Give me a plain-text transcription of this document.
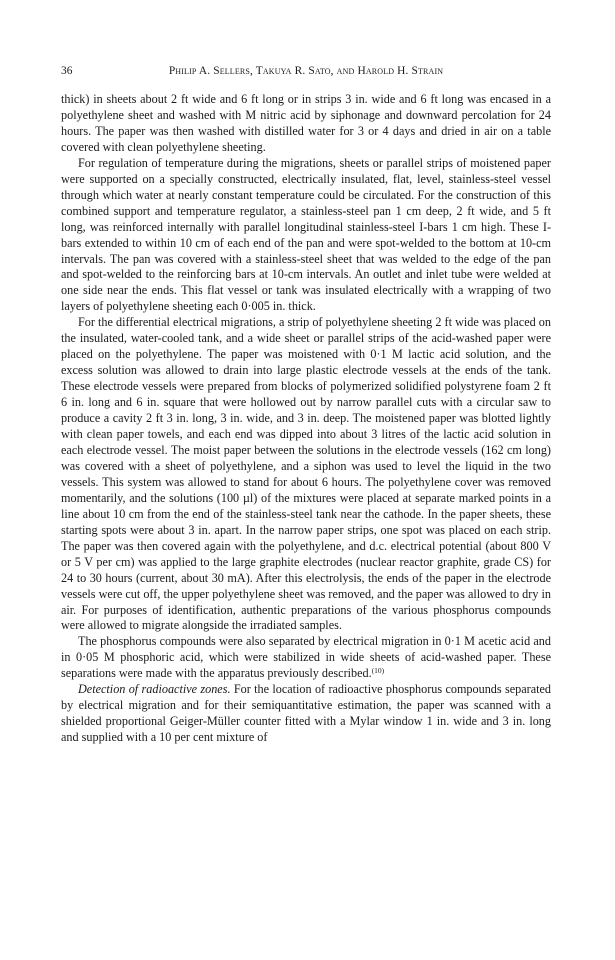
36	Philip A. Sellers, Takuya R. Sato, and Harold H. Strain

thick) in sheets about 2 ft wide and 6 ft long or in strips 3 in. wide and 6 ft long was encased in a polyethylene sheet and washed with M nitric acid by siphonage and downward percolation for 24 hours. The paper was then washed with distilled water for 3 or 4 days and dried in air on a table covered with clean polyethylene sheeting.

For regulation of temperature during the migrations, sheets or parallel strips of moistened paper were supported on a specially constructed, electrically insulated, flat, level, stainless-steel vessel through which water at nearly constant temperature could be circulated. For the construction of this combined support and temperature regulator, a stainless-steel pan 1 cm deep, 2 ft wide, and 5 ft long, was reinforced internally with parallel longitudinal stainless-steel I-bars 1 cm high. These I-bars extended to within 10 cm of each end of the pan and were spot-welded to the bottom at 10-cm intervals. The pan was covered with a stainless-steel sheet that was welded to the edge of the pan and spot-welded to the reinforcing bars at 10-cm intervals. An outlet and inlet tube were welded at one side near the ends. This flat vessel or tank was insulated electrically with a wrapping of two layers of polyethylene sheeting each 0·005 in. thick.

For the differential electrical migrations, a strip of polyethylene sheeting 2 ft wide was placed on the insulated, water-cooled tank, and a wide sheet or parallel strips of the acid-washed paper were placed on the polyethylene. The paper was moistened with 0·1 M lactic acid solution, and the excess solution was allowed to drain into large plastic electrode vessels at the ends of the tank. These electrode vessels were prepared from blocks of polymerized solidified polystyrene foam 2 ft 6 in. long and 6 in. square that were hollowed out by narrow parallel cuts with a circular saw to produce a cavity 2 ft 3 in. long, 3 in. wide, and 3 in. deep. The moistened paper was blotted lightly with clean paper towels, and each end was dipped into about 3 litres of the lactic acid solution in each electrode vessel. The moist paper between the solutions in the electrode vessels (162 cm long) was covered with a sheet of polyethylene, and a siphon was used to level the liquid in the two vessels. This system was allowed to stand for about 6 hours. The polyethylene cover was removed momentarily, and the solutions (100 µl) of the mixtures were placed at separate marked points in a line about 10 cm from the end of the stainless-steel tank near the cathode. In the paper sheets, these starting spots were about 3 in. apart. In the narrow paper strips, one spot was placed on each strip. The paper was then covered again with the polyethylene, and d.c. electrical potential (about 800 V or 5 V per cm) was applied to the large graphite electrodes (nuclear reactor graphite, grade CS) for 24 to 30 hours (current, about 30 mA). After this electrolysis, the ends of the paper in the electrode vessels were cut off, the upper polyethylene sheet was removed, and the paper was allowed to dry in air. For purposes of identification, authentic preparations of the various phosphorus compounds were allowed to migrate alongside the irradiated samples.

The phosphorus compounds were also separated by electrical migration in 0·1 M acetic acid and in 0·05 M phosphoric acid, which were stabilized in wide sheets of acid-washed paper. These separations were made with the apparatus previously described.$^{(10)}$

Detection of radioactive zones. For the location of radioactive phosphorus compounds separated by electrical migration and for their semiquantitative estimation, the paper was scanned with a shielded proportional Geiger-Müller counter fitted with a Mylar window 1 in. wide and 3 in. long and supplied with a 10 per cent mixture of
